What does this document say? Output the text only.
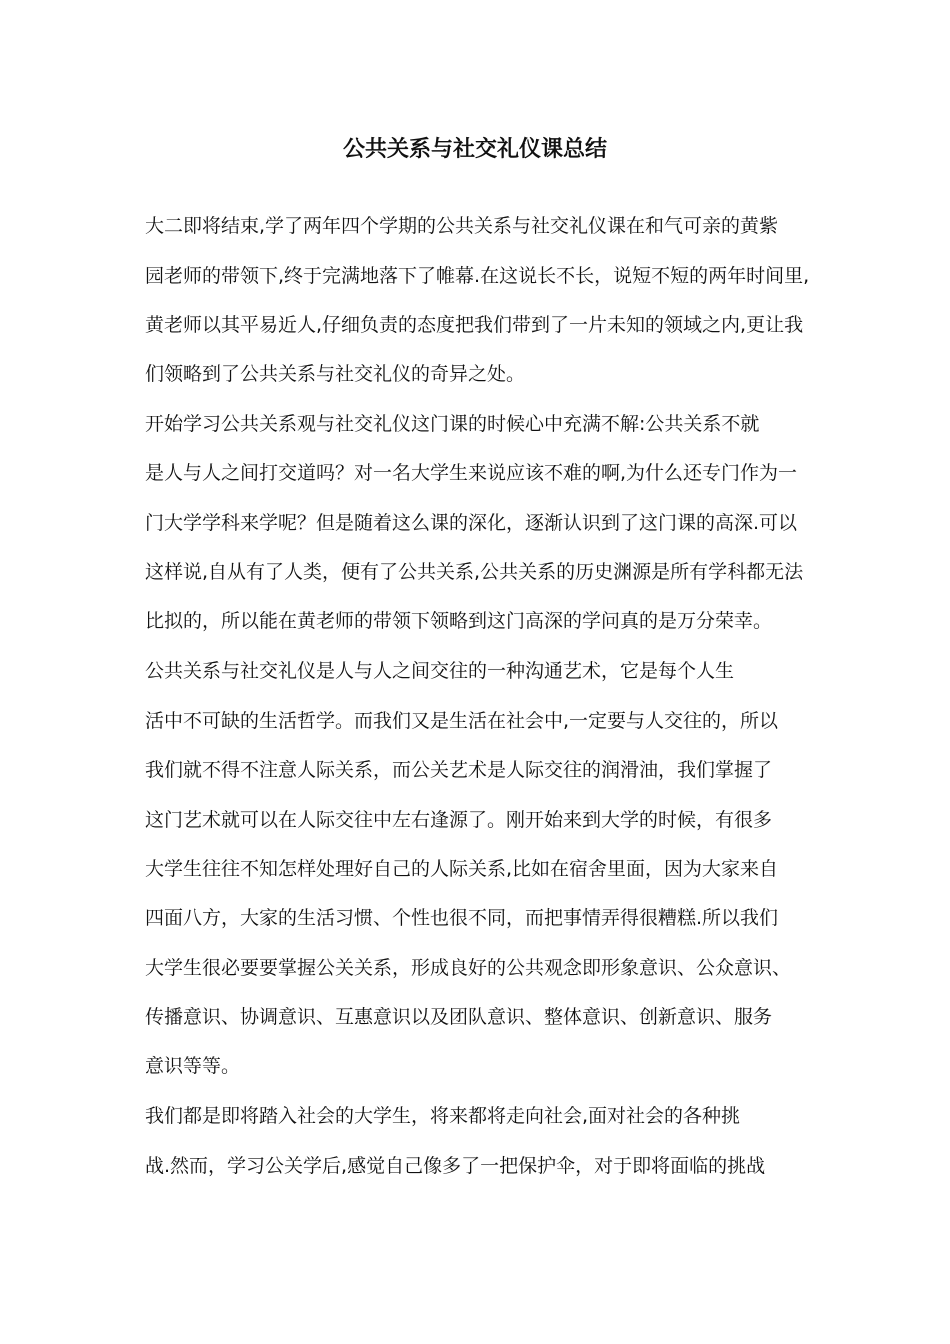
公共关系与社交礼仪课总结

大二即将结束,学了两年四个学期的公共关系与社交礼仪课在和气可亲的黄紫

园老师的带领下,终于完满地落下了帷幕.在这说长不长，说短不短的两年时间里,

黄老师以其平易近人,仔细负责的态度把我们带到了一片未知的领域之内,更让我

们领略到了公共关系与社交礼仪的奇异之处。

开始学习公共关系观与社交礼仪这门课的时候心中充满不解:公共关系不就

是人与人之间打交道吗？对一名大学生来说应该不难的啊,为什么还专门作为一

门大学学科来学呢？但是随着这么课的深化，逐渐认识到了这门课的高深.可以

这样说,自从有了人类，便有了公共关系,公共关系的历史渊源是所有学科都无法

比拟的，所以能在黄老师的带领下领略到这门高深的学问真的是万分荣幸。

公共关系与社交礼仪是人与人之间交往的一种沟通艺术，它是每个人生

活中不可缺的生活哲学。而我们又是生活在社会中,一定要与人交往的，所以

我们就不得不注意人际关系，而公关艺术是人际交往的润滑油，我们掌握了

这门艺术就可以在人际交往中左右逢源了。刚开始来到大学的时候，有很多

大学生往往不知怎样处理好自己的人际关系,比如在宿舍里面，因为大家来自

四面八方，大家的生活习惯、个性也很不同，而把事情弄得很糟糕.所以我们

大学生很必要要掌握公关关系，形成良好的公共观念即形象意识、公众意识、

传播意识、协调意识、互惠意识以及团队意识、整体意识、创新意识、服务

意识等等。

我们都是即将踏入社会的大学生，将来都将走向社会,面对社会的各种挑

战.然而，学习公关学后,感觉自己像多了一把保护伞，对于即将面临的挑战
